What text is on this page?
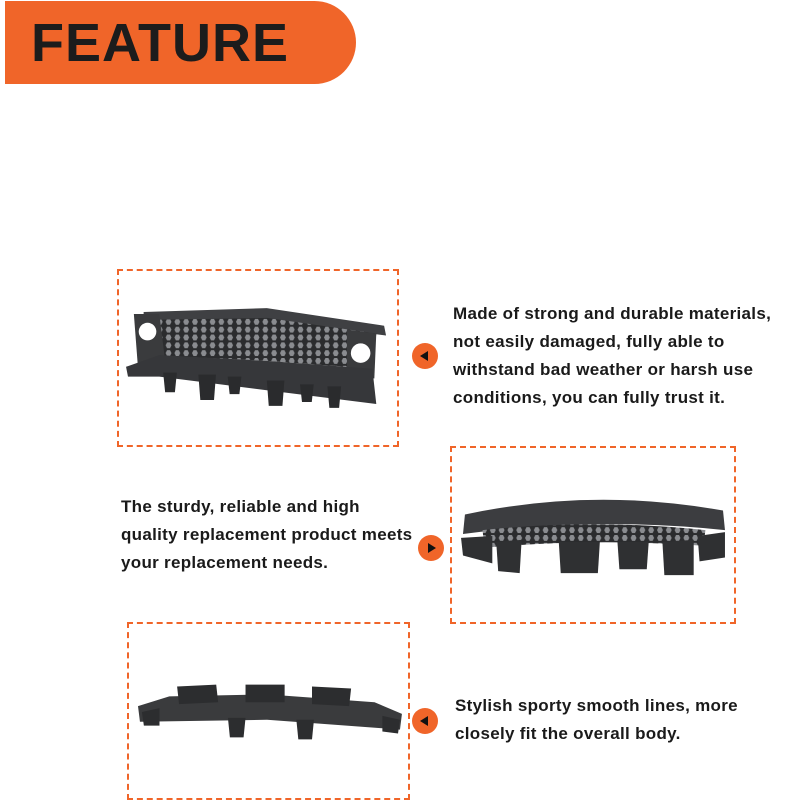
FEATURE
Made of strong and durable materials, not easily damaged, fully able to withstand bad weather or harsh use conditions, you can fully trust it.
The sturdy, reliable and high quality replacement product meets your replacement needs.
Stylish sporty smooth lines, more closely fit the overall body.
